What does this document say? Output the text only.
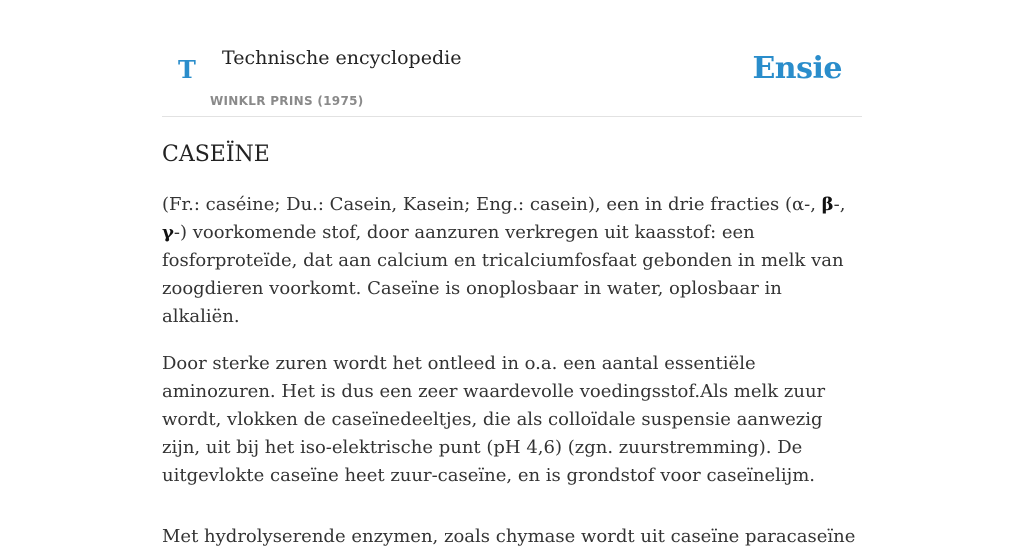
T Technische encyclopedie
WINKLR PRINS (1975)
Ensie
CASEÏNE

(Fr.: caséine; Du.: Casein, Kasein; Eng.: casein), een in drie fracties (α-, β-, γ-) voorkomende stof, door aanzuren verkregen uit kaasstof: een fosforproteïde, dat aan calcium en tricalciumfosfaat gebonden in melk van zoogdieren voorkomt. Caseïne is onoplosbaar in water, oplosbaar in alkaliën.

Door sterke zuren wordt het ontleed in o.a. een aantal essentiële aminozuren. Het is dus een zeer waardevolle voedingsstof.Als melk zuur wordt, vlokken de caseïnedeeltjes, die als colloïdale suspensie aanwezig zijn, uit bij het iso-elektrische punt (pH 4,6) (zgn. zuurstremming). De uitgevlokte caseïne heet zuur-caseïne, en is grondstof voor caseïnelijm.

Met hydrolyserende enzymen, zoals chymase wordt uit caseïne paracaseïne
